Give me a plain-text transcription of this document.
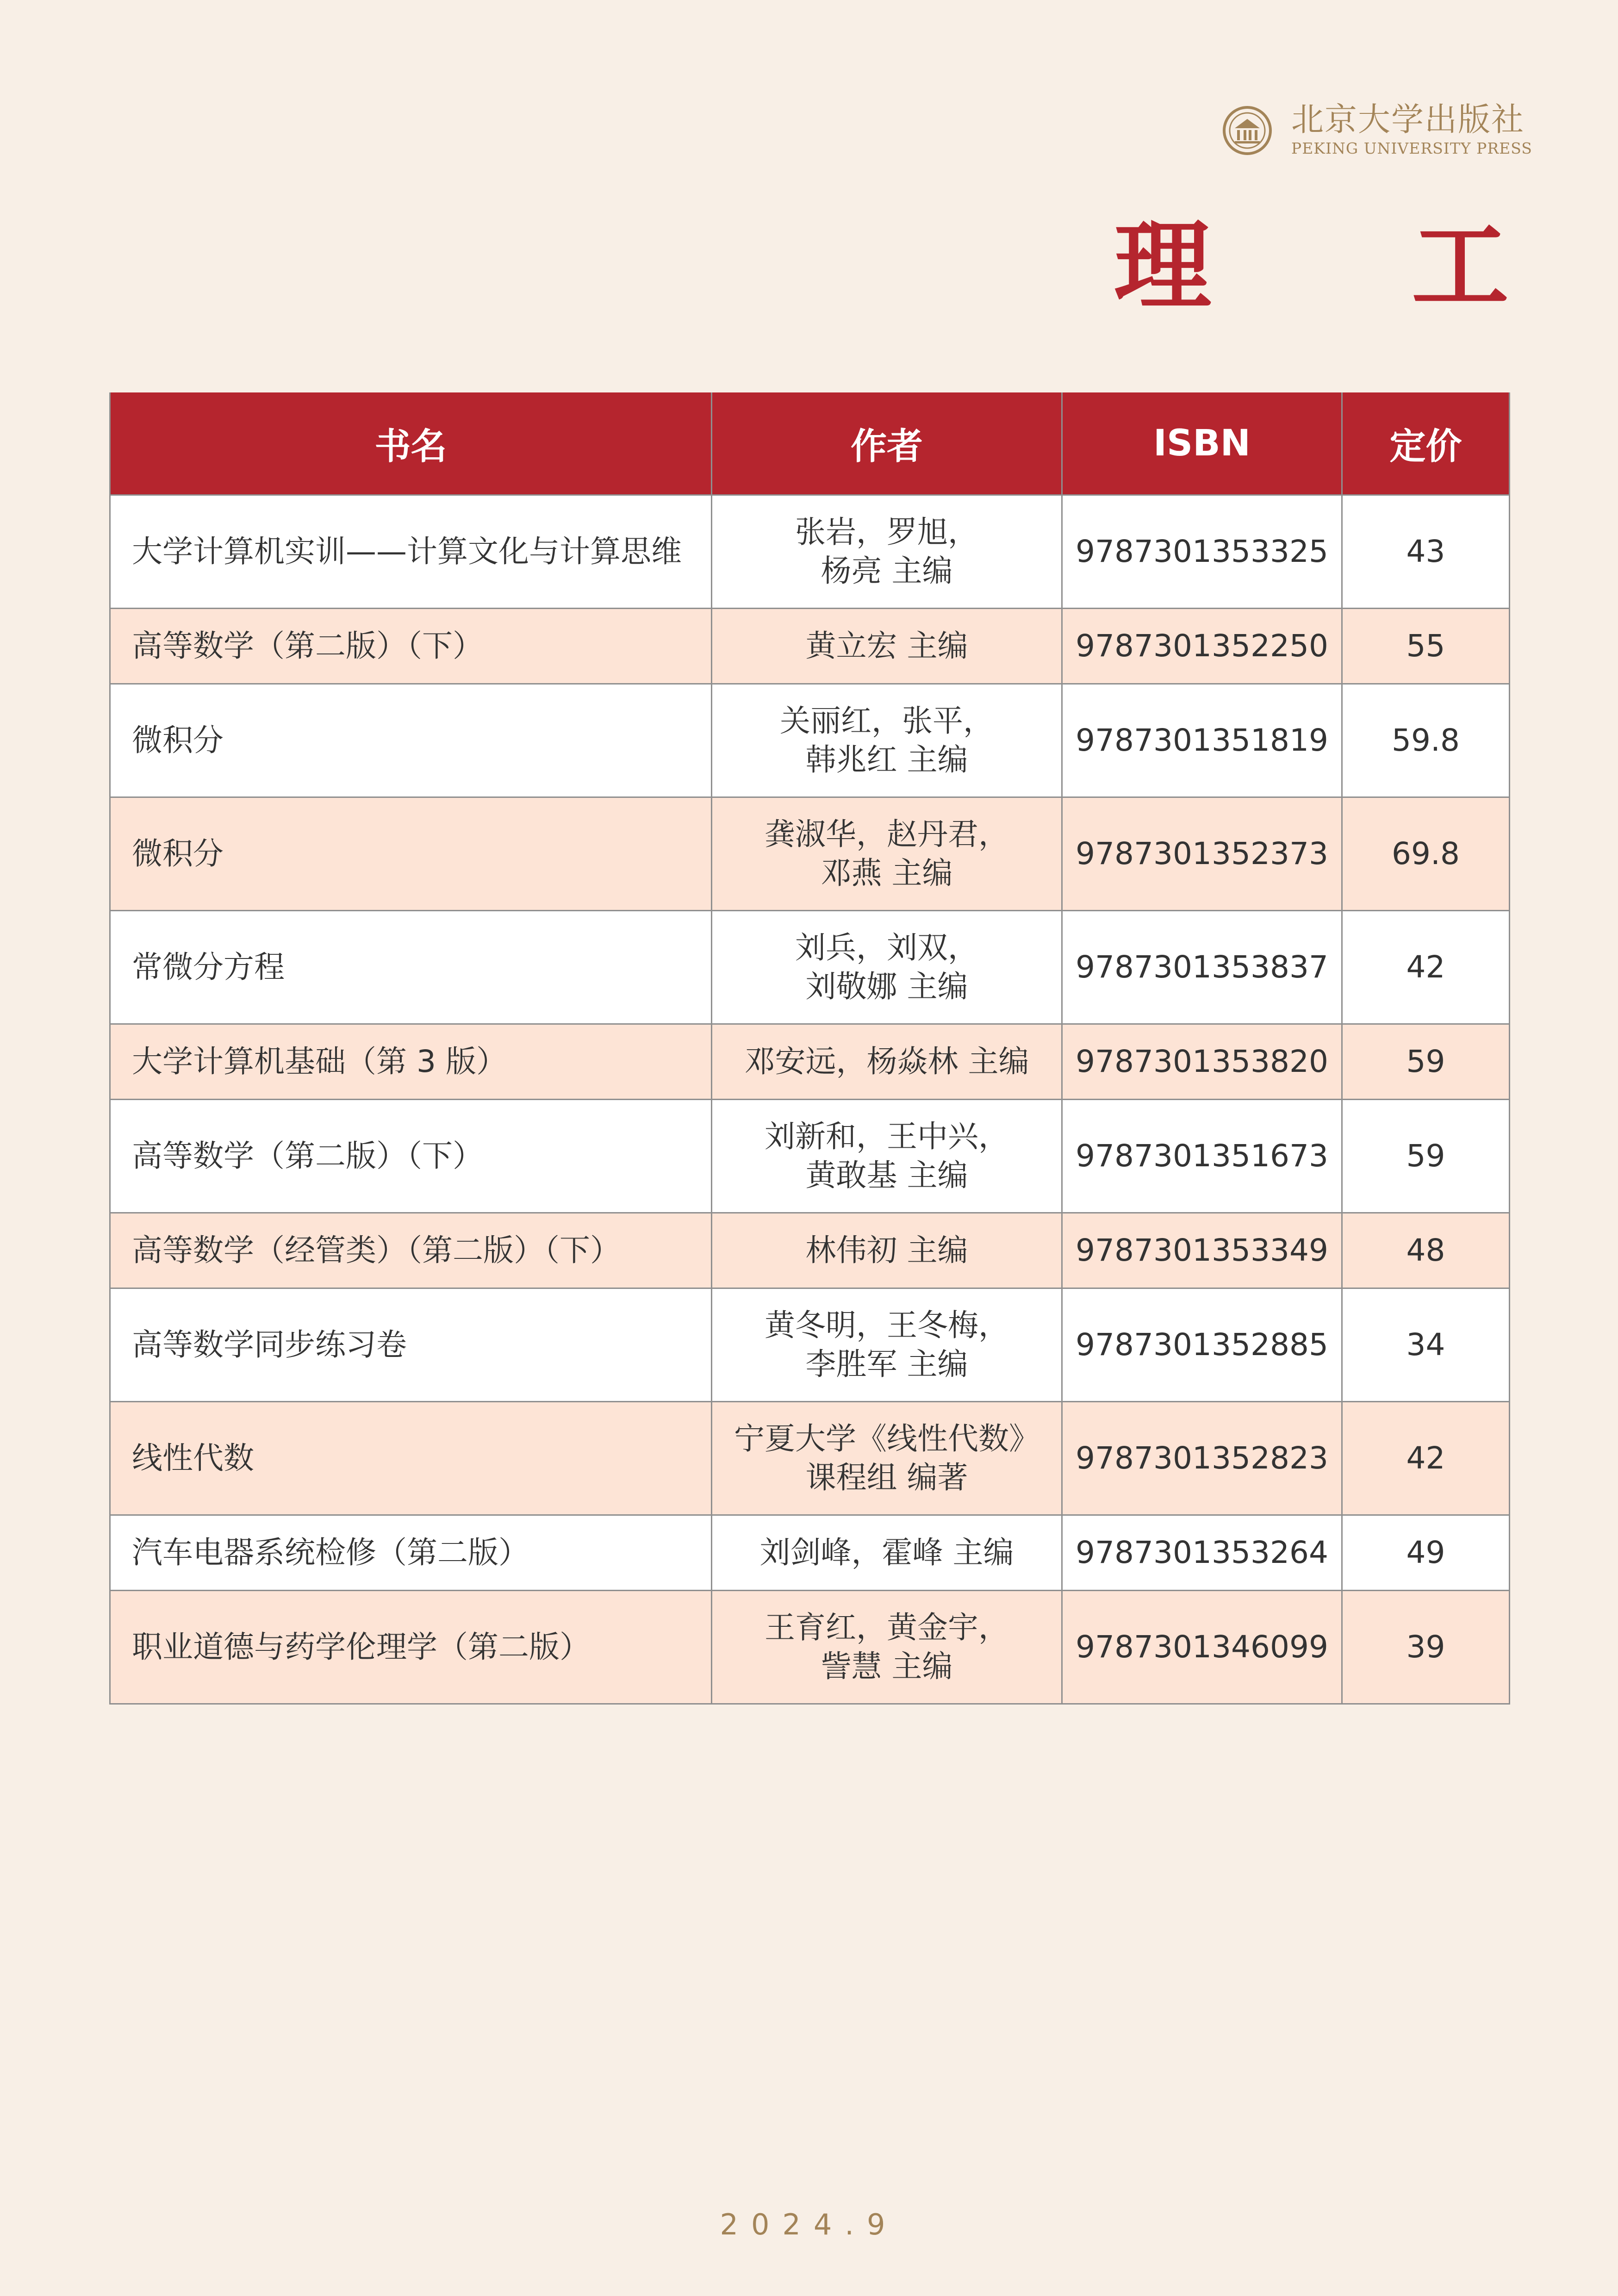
北京大学出版社
PEKING UNIVERSITY PRESS
理 工
书名	作者	ISBN	定价
大学计算机实训——计算文化与计算思维	张岩，罗旭，
杨亮 主编	9787301353325	43
高等数学（第二版）（下）	黄立宏 主编	9787301352250	55
微积分	关丽红，张平，
韩兆红 主编	9787301351819	59.8
微积分	龚淑华，赵丹君，
邓燕 主编	9787301352373	69.8
常微分方程	刘兵，刘双，
刘敬娜 主编	9787301353837	42
大学计算机基础（第 3 版）	邓安远，杨焱林 主编	9787301353820	59
高等数学（第二版）（下）	刘新和，王中兴，
黄敢基 主编	9787301351673	59
高等数学（经管类）（第二版）（下）	林伟初 主编	9787301353349	48
高等数学同步练习卷	黄冬明，王冬梅，
李胜军 主编	9787301352885	34
线性代数	宁夏大学《线性代数》
课程组 编著	9787301352823	42
汽车电器系统检修（第二版）	刘剑峰，霍峰 主编	9787301353264	49
职业道德与药学伦理学（第二版）	王育红，黄金宇，
訾慧 主编	9787301346099	39
2024.9
